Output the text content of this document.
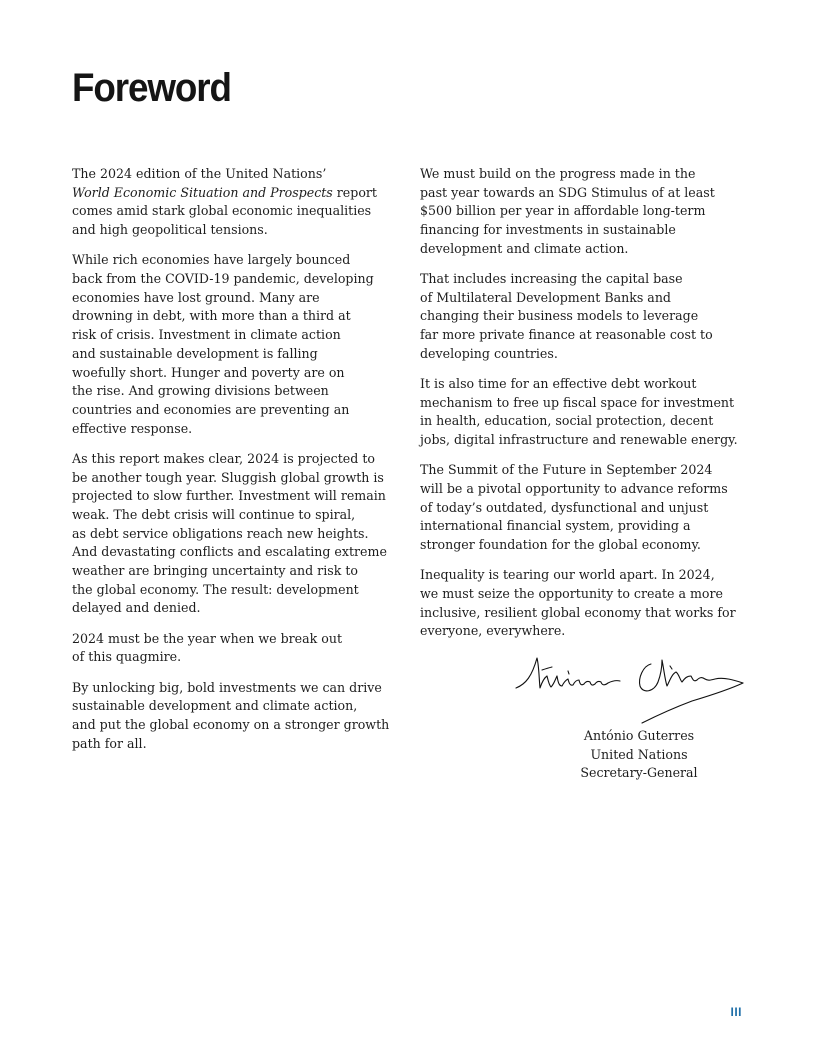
Foreword

The 2024 edition of the United Nations’
World Economic Situation and Prospects report
comes amid stark global economic inequalities
and high geopolitical tensions.

While rich economies have largely bounced
back from the COVID-19 pandemic, developing
economies have lost ground. Many are
drowning in debt, with more than a third at
risk of crisis. Investment in climate action
and sustainable development is falling
woefully short. Hunger and poverty are on
the rise. And growing divisions between
countries and economies are preventing an
effective response.

As this report makes clear, 2024 is projected to
be another tough year. Sluggish global growth is
projected to slow further. Investment will remain
weak. The debt crisis will continue to spiral,
as debt service obligations reach new heights.
And devastating conflicts and escalating extreme
weather are bringing uncertainty and risk to
the global economy. The result: development
delayed and denied.

2024 must be the year when we break out
of this quagmire.

By unlocking big, bold investments we can drive
sustainable development and climate action,
and put the global economy on a stronger growth
path for all.

We must build on the progress made in the
past year towards an SDG Stimulus of at least
$500 billion per year in affordable long-term
financing for investments in sustainable
development and climate action.

That includes increasing the capital base
of Multilateral Development Banks and
changing their business models to leverage
far more private finance at reasonable cost to
developing countries.

It is also time for an effective debt workout
mechanism to free up fiscal space for investment
in health, education, social protection, decent
jobs, digital infrastructure and renewable energy.

The Summit of the Future in September 2024
will be a pivotal opportunity to advance reforms
of today’s outdated, dysfunctional and unjust
international financial system, providing a
stronger foundation for the global economy.

Inequality is tearing our world apart. In 2024,
we must seize the opportunity to create a more
inclusive, resilient global economy that works for
everyone, everywhere.

António Guterres
United Nations
Secretary-General
III
